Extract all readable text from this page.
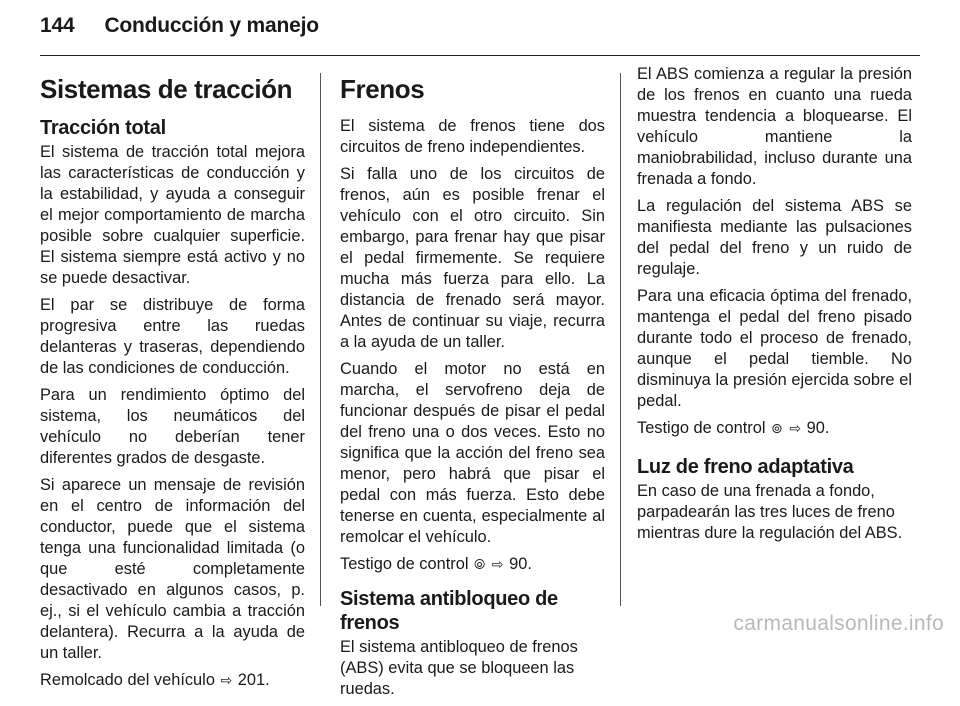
144 Conducción y manejo
Sistemas de tracción
Tracción total

El sistema de tracción total mejora las características de conducción y la estabilidad, y ayuda a conseguir el mejor comportamiento de marcha posible sobre cualquier superficie. El sistema siempre está activo y no se puede desactivar.

El par se distribuye de forma progresiva entre las ruedas delanteras y traseras, dependiendo de las condiciones de conducción.

Para un rendimiento óptimo del sistema, los neumáticos del vehículo no deberían tener diferentes grados de desgaste.

Si aparece un mensaje de revisión en el centro de información del conductor, puede que el sistema tenga una funcionalidad limitada (o que esté completamente desactivado en algunos casos, p. ej., si el vehículo cambia a tracción delantera). Recurra a la ayuda de un taller.

Remolcado del vehículo ⇨ 201.

Frenos

El sistema de frenos tiene dos circuitos de freno independientes.

Si falla uno de los circuitos de frenos, aún es posible frenar el vehículo con el otro circuito. Sin embargo, para frenar hay que pisar el pedal firmemente. Se requiere mucha más fuerza para ello. La distancia de frenado será mayor. Antes de continuar su viaje, recurra a la ayuda de un taller.

Cuando el motor no está en marcha, el servofreno deja de funcionar después de pisar el pedal del freno una o dos veces. Esto no significa que la acción del freno sea menor, pero habrá que pisar el pedal con más fuerza. Esto debe tenerse en cuenta, especialmente al remolcar el vehículo.

Testigo de control ⦾ ⇨ 90.

Sistema antibloqueo de frenos

El sistema antibloqueo de frenos (ABS) evita que se bloqueen las ruedas.

El ABS comienza a regular la presión de los frenos en cuanto una rueda muestra tendencia a bloquearse. El vehículo mantiene la maniobrabilidad, incluso durante una frenada a fondo.

La regulación del sistema ABS se manifiesta mediante las pulsaciones del pedal del freno y un ruido de regulaje.

Para una eficacia óptima del frenado, mantenga el pedal del freno pisado durante todo el proceso de frenado, aunque el pedal tiemble. No disminuya la presión ejercida sobre el pedal.

Testigo de control ⊚ ⇨ 90.

Luz de freno adaptativa

En caso de una frenada a fondo, parpadearán las tres luces de freno mientras dure la regulación del ABS.

carmanualsonline.info
